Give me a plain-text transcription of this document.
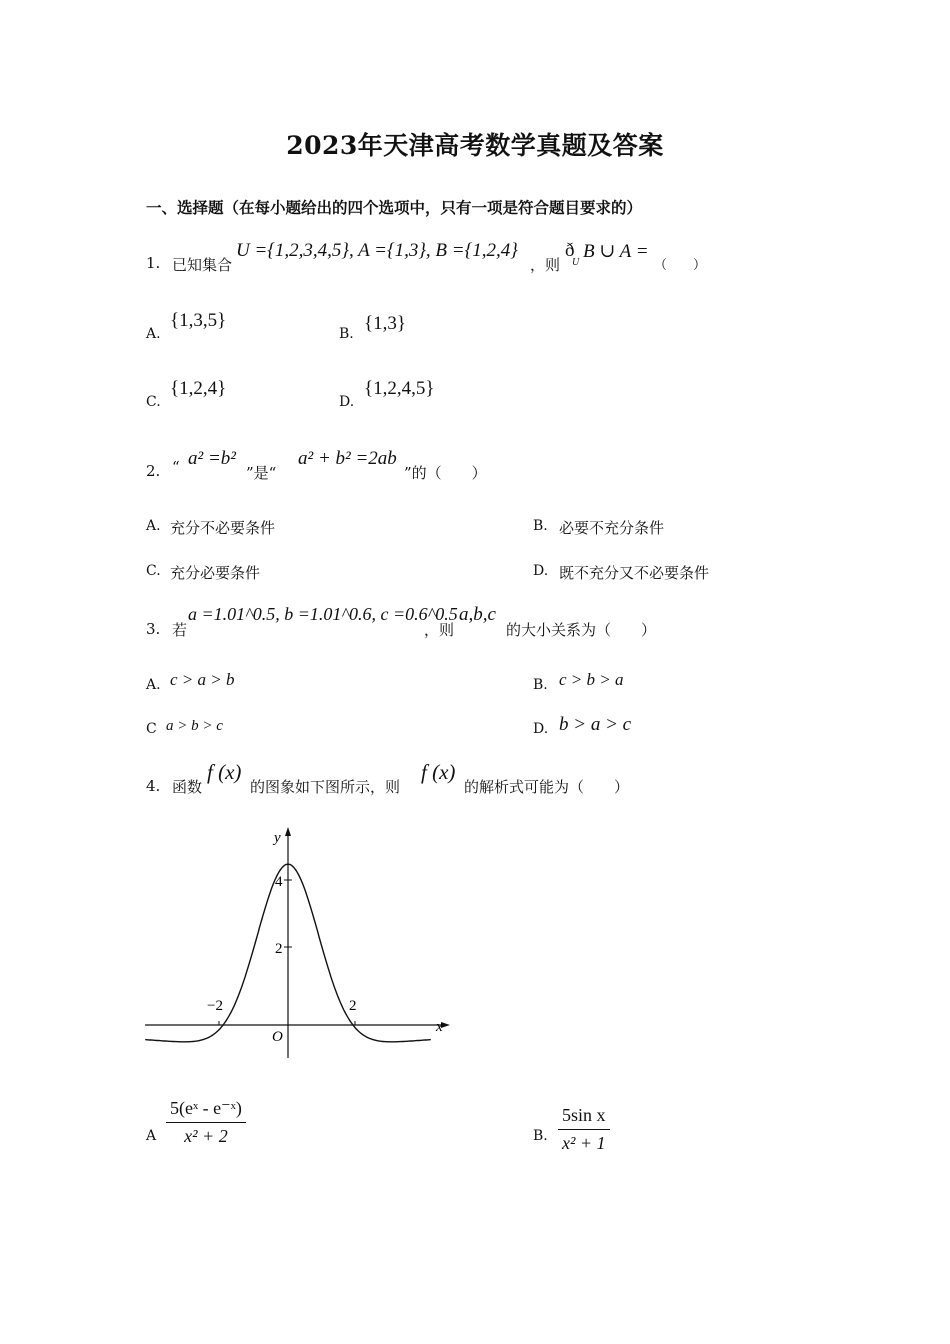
2023年天津高考数学真题及答案
一、选择题（在每小题给出的四个选项中，只有一项是符合题目要求的）
1. 已知集合
U ={1,2,3,4,5}, A ={1,3}, B ={1,2,4}
，则
ð
U
B ∪ A =
（　　）
A.
{1,3,5}
B. {1,3}
C.
{1,2,4}
D.
{1,2,4,5}
2. “ a² =b²
”是“
a² + b² =2ab
”的（　　）
A. 充分不必要条件	B. 必要不充分条件
C. 充分必要条件	D. 既不充分又不必要条件
3. 若
a =1.01^0.5, b =1.01^0.6, c =0.6^0.5
，则
a,b,c
的大小关系为（　　）
A. c > a > b	B. c > b > a
C a > b > c	D. b > a > c
4. 函数
f (x)
的图象如下图所示，则
f (x)
的解析式可能为（　　）
y
x
O
4
2
−2	2
A $\frac{\text{5(eˣ - e⁻ˣ)}}{\text{x² + 2}}$	B. $\frac{\text{5sin x}}{\text{x² + 1}}$
